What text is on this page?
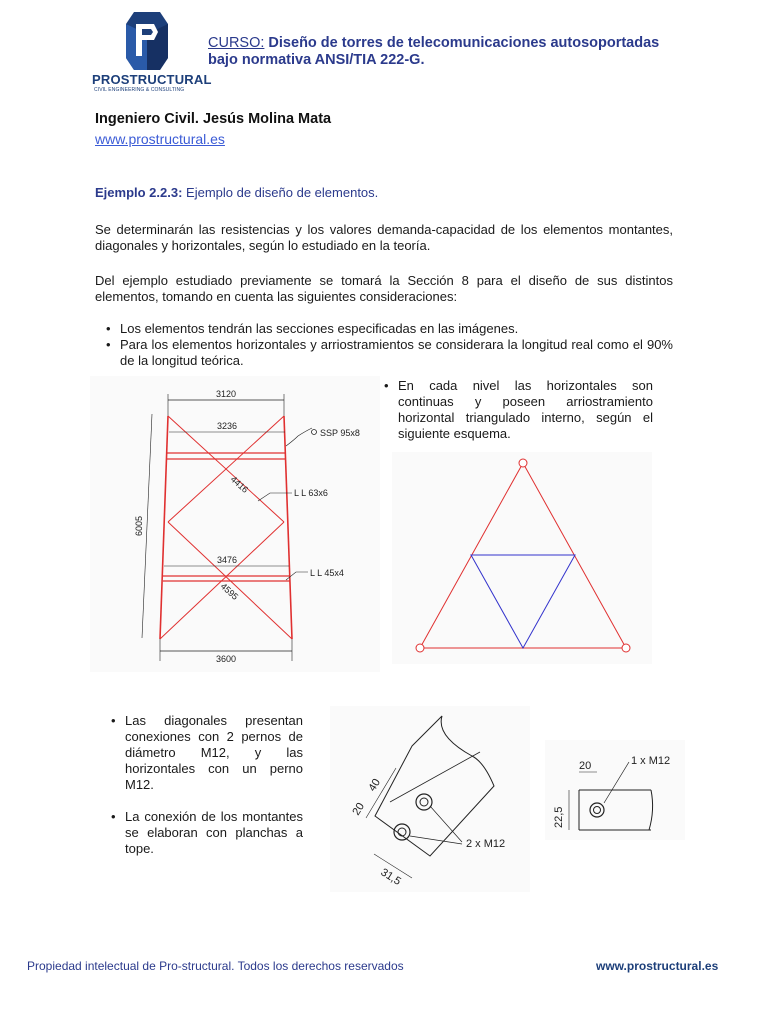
PROSTRUCTURAL
CIVIL ENGINEERING & CONSULTING
CURSO: Diseño de torres de telecomunicaciones autosoportadas
bajo normativa ANSI/TIA 222-G.
Ingeniero Civil. Jesús Molina Mata
www.prostructural.es
Ejemplo 2.2.3: Ejemplo de diseño de elementos.
Se determinarán las resistencias y los valores demanda-capacidad de los elementos montantes, diagonales y horizontales, según lo estudiado en la teoría.
Del ejemplo estudiado previamente se tomará la Sección 8 para el diseño de sus distintos elementos, tomando en cuenta las siguientes consideraciones:
• Los elementos tendrán las secciones especificadas en las imágenes.
• Para los elementos horizontales y arriostramientos se considerara la longitud real como el 90% de la longitud teórica.
3120
3236
3476
4416
4595
6005
3600
SSP 95x8
L L 63x6
L L 45x4
• En cada nivel las horizontales son continuas y poseen arriostramiento horizontal triangulado interno, según el siguiente esquema.
• Las diagonales presentan conexiones con 2 pernos de diámetro M12, y las horizontales con un perno M12.
• La conexión de los montantes se elaboran con planchas a tope.	2 x M12
20
40
31,5
20	1 x M12
22,5
Propiedad intelectual de Pro-structural. Todos los derechos reservados	www.prostructural.es
